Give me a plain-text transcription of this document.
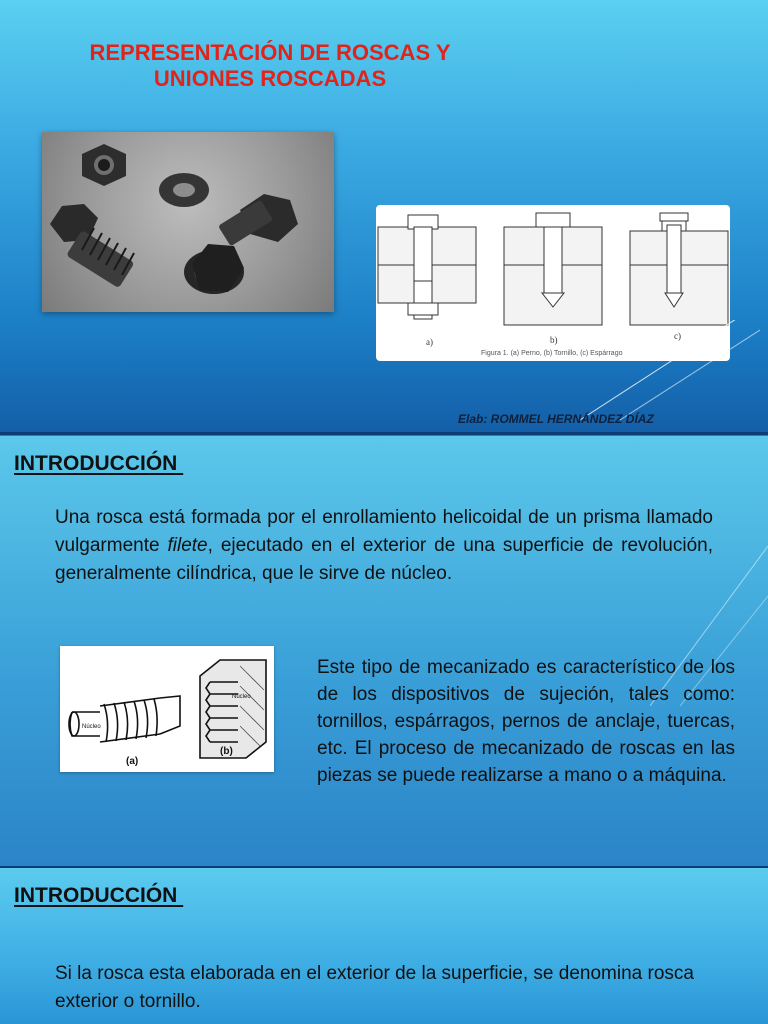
REPRESENTACIÓN DE ROSCAS Y
UNIONES ROSCADAS
a)	b)	c)
Figura 1. (a) Perno, (b) Tornillo, (c) Espárrago
Elab: ROMMEL HERNÁNDEZ DÍAZ
INTRODUCCIÓN
Una rosca está formada por el enrollamiento helicoidal de un prisma llamado vulgarmente filete, ejecutado en el exterior de una superficie de revolución, generalmente cilíndrica, que le sirve de núcleo.
Núcleo
Núcleo
(a)
(b)
Este tipo de mecanizado es característico de los de los dispositivos de sujeción, tales como: tornillos, espárragos, pernos de anclaje, tuercas, etc. El proceso de mecanizado de roscas en las piezas se puede realizarse a mano o a máquina.
INTRODUCCIÓN
Si la rosca esta elaborada en el exterior de la superficie, se denomina rosca exterior o tornillo.
